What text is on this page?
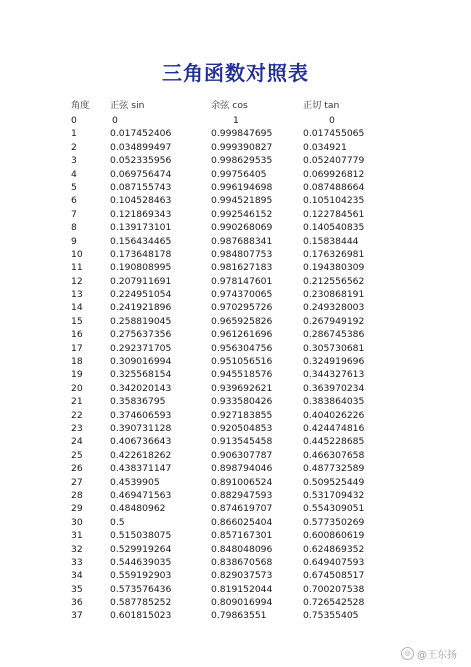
三角函数对照表
角度 正弦 sin	余弦 cos	正切 tan
0	0	1	0
1	0.017452406	0.999847695	0.017455065
2	0.034899497	0.999390827	0.034921
3	0.052335956	0.998629535	0.052407779
4	0.069756474	0.99756405	0.069926812
5	0.087155743	0.996194698	0.087488664
6	0.104528463	0.994521895	0.105104235
7	0.121869343	0.992546152	0.122784561
8	0.139173101	0.990268069	0.140540835
9	0.156434465	0.987688341	0.15838444
10	0.173648178	0.984807753	0.176326981
11	0.190808995	0.981627183	0.194380309
12	0.207911691	0.978147601	0.212556562
13	0.224951054	0.974370065	0.230868191
14	0.241921896	0.970295726	0.249328003
15	0.258819045	0.965925826	0.267949192
16	0.275637356	0.961261696	0.286745386
17	0.292371705	0.956304756	0.305730681
18	0.309016994	0.951056516	0.324919696
19	0.325568154	0.945518576	0.344327613
20	0.342020143	0.939692621	0.363970234
21	0.35836795	0.933580426	0.383864035
22	0.374606593	0.927183855	0.404026226
23	0.390731128	0.920504853	0.424474816
24	0.406736643	0.913545458	0.445228685
25	0.422618262	0.906307787	0.466307658
26	0.438371147	0.898794046	0.487732589
27	0.4539905	0.891006524	0.509525449
28	0.469471563	0.882947593	0.531709432
29	0.48480962	0.874619707	0.554309051
30	0.5	0.866025404	0.577350269
31	0.515038075	0.857167301	0.600860619
32	0.529919264	0.848048096	0.624869352
33	0.544639035	0.838670568	0.649407593
34	0.559192903	0.829037573	0.674508517
35	0.573576436	0.819152044	0.700207538
36	0.587785252	0.809016994	0.726542528
37	0.601815023	0.79863551	0.75355405
◎ @王东扬
